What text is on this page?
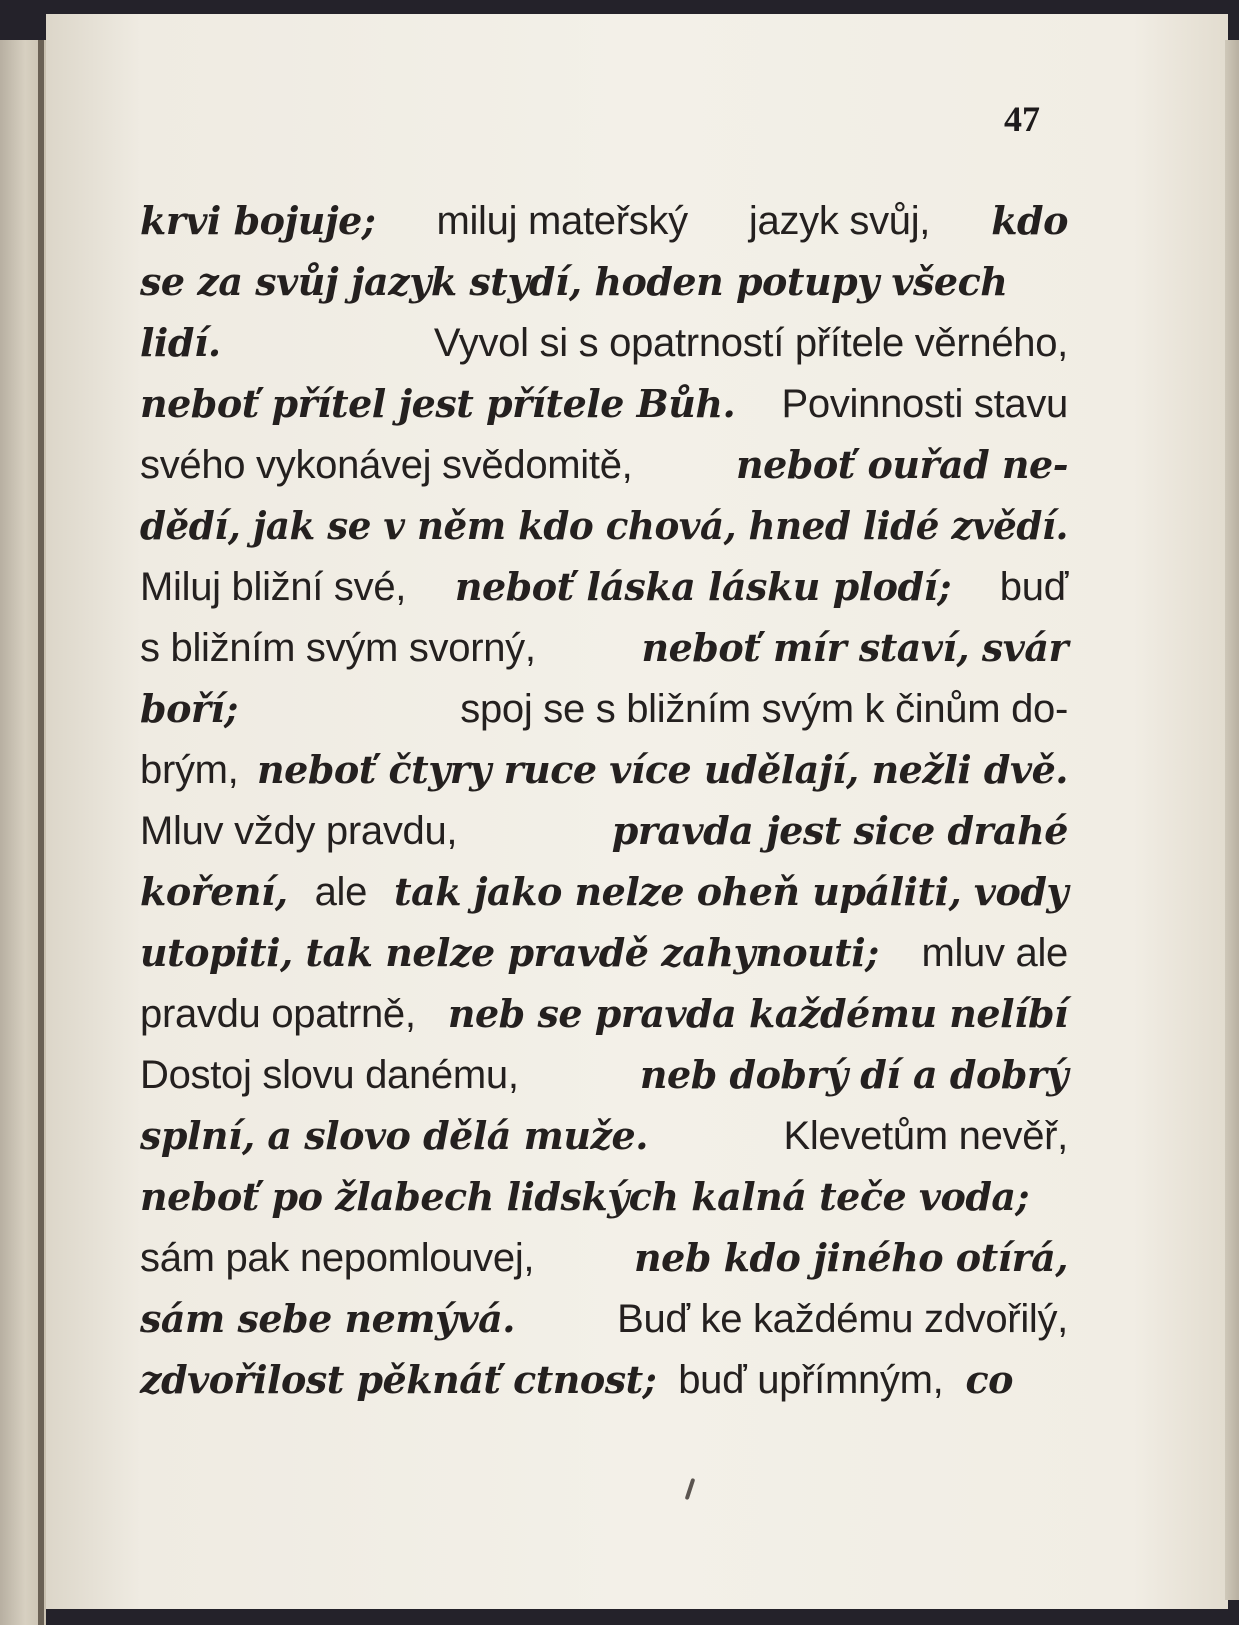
47
krvi bojuje; miluj mateřský jazyk svůj, kdo
se za svůj jazyk stydí, hoden potupy všech
lidí.	Vyvol si s opatrností přítele věrného,
neboť přítel jest přítele Bůh. Povinnosti stavu
svého vykonávej svědomitě,	neboť ouřad ne-
dědí, jak se v něm kdo chová, hned lidé zvědí.
Miluj bližní své, neboť láska lásku plodí; buď
s bližním svým svorný,	neboť mír staví, svár
boří;	spoj se s bližním svým k činům do-
brým, neboť čtyry ruce více udělají, nežli dvě.
Mluv vždy pravdu,	pravda jest sice drahé
koření, ale tak jako nelze oheň upáliti, vody
utopiti, tak nelze pravdě zahynouti; mluv ale
pravdu opatrně, neb se pravda každému nelíbí
Dostoj slovu danému,	neb dobrý dí a dobrý
splní, a slovo dělá muže.	Klevetům nevěř,
neboť po žlabech lidských kalná teče voda;
sám pak nepomlouvej,	neb kdo jiného otírá,
sám sebe nemývá.	Buď ke každému zdvořilý,
zdvořilost pěknáť ctnost; buď upřímným, co
